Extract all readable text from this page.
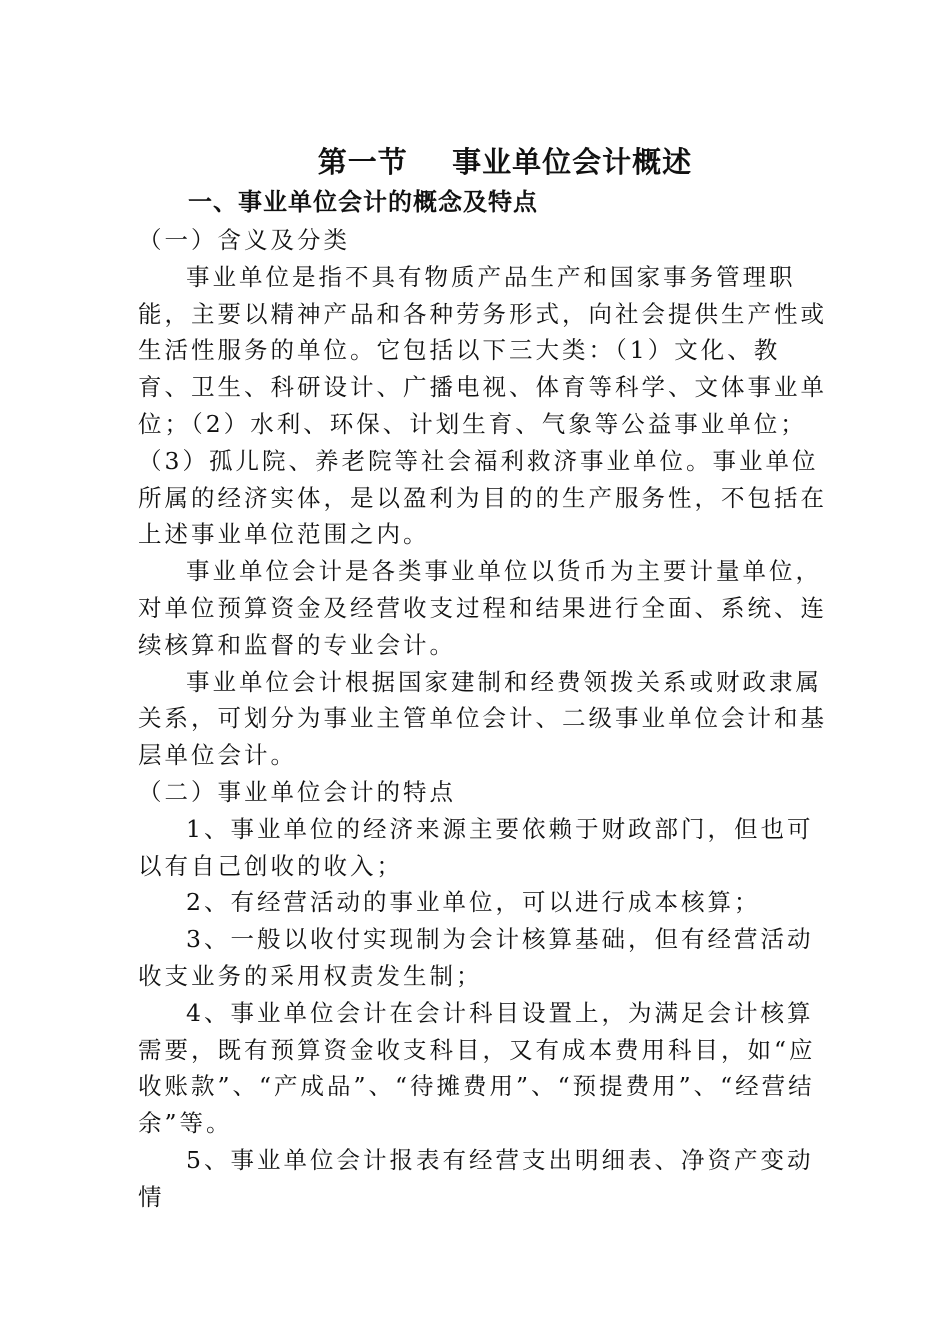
第一节    事业单位会计概述
一、事业单位会计的概念及特点

（一）含义及分类

事业单位是指不具有物质产品生产和国家事务管理职能，主要以精神产品和各种劳务形式，向社会提供生产性或生活性服务的单位。它包括以下三大类：（1）文化、教育、卫生、科研设计、广播电视、体育等科学、文体事业单位；（2）水利、环保、计划生育、气象等公益事业单位；（3）孤儿院、养老院等社会福利救济事业单位。事业单位所属的经济实体，是以盈利为目的的生产服务性，不包括在上述事业单位范围之内。

事业单位会计是各类事业单位以货币为主要计量单位，对单位预算资金及经营收支过程和结果进行全面、系统、连续核算和监督的专业会计。

事业单位会计根据国家建制和经费领拨关系或财政隶属关系，可划分为事业主管单位会计、二级事业单位会计和基层单位会计。

（二）事业单位会计的特点

1、事业单位的经济来源主要依赖于财政部门，但也可以有自己创收的收入；

2、有经营活动的事业单位，可以进行成本核算；

3、一般以收付实现制为会计核算基础，但有经营活动收支业务的采用权责发生制；

4、事业单位会计在会计科目设置上，为满足会计核算需要，既有预算资金收支科目，又有成本费用科目，如“应收账款”、“产成品”、“待摊费用”、“预提费用”、“经营结余”等。

5、事业单位会计报表有经营支出明细表、净资产变动情
